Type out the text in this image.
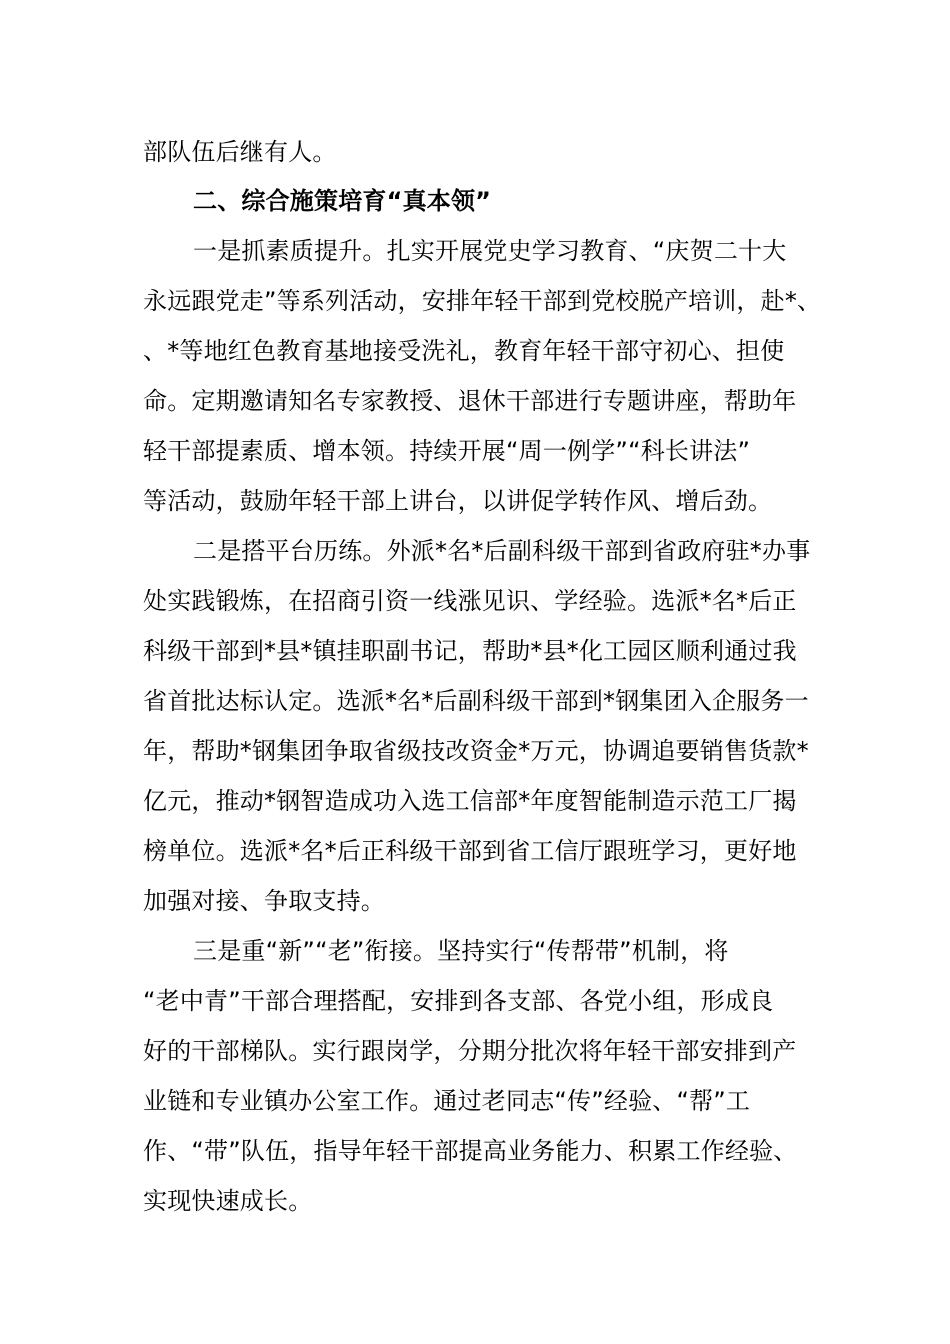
部队伍后继有人。
二、综合施策培育“真本领”
一是抓素质提升。扎实开展党史学习教育、“庆贺二十大
永远跟党走”等系列活动，安排年轻干部到党校脱产培训，赴*、
、*等地红色教育基地接受洗礼，教育年轻干部守初心、担使
命。定期邀请知名专家教授、退休干部进行专题讲座，帮助年
轻干部提素质、增本领。持续开展“周一例学”“科长讲法”
等活动，鼓励年轻干部上讲台，以讲促学转作风、增后劲。
二是搭平台历练。外派*名*后副科级干部到省政府驻*办事
处实践锻炼，在招商引资一线涨见识、学经验。选派*名*后正
科级干部到*县*镇挂职副书记，帮助*县*化工园区顺利通过我
省首批达标认定。选派*名*后副科级干部到*钢集团入企服务一
年，帮助*钢集团争取省级技改资金*万元，协调追要销售货款*
亿元，推动*钢智造成功入选工信部*年度智能制造示范工厂揭
榜单位。选派*名*后正科级干部到省工信厅跟班学习，更好地
加强对接、争取支持。
三是重“新”“老”衔接。坚持实行“传帮带”机制，将
“老中青”干部合理搭配，安排到各支部、各党小组，形成良
好的干部梯队。实行跟岗学，分期分批次将年轻干部安排到产
业链和专业镇办公室工作。通过老同志“传”经验、“帮”工
作、“带”队伍，指导年轻干部提高业务能力、积累工作经验、
实现快速成长。
